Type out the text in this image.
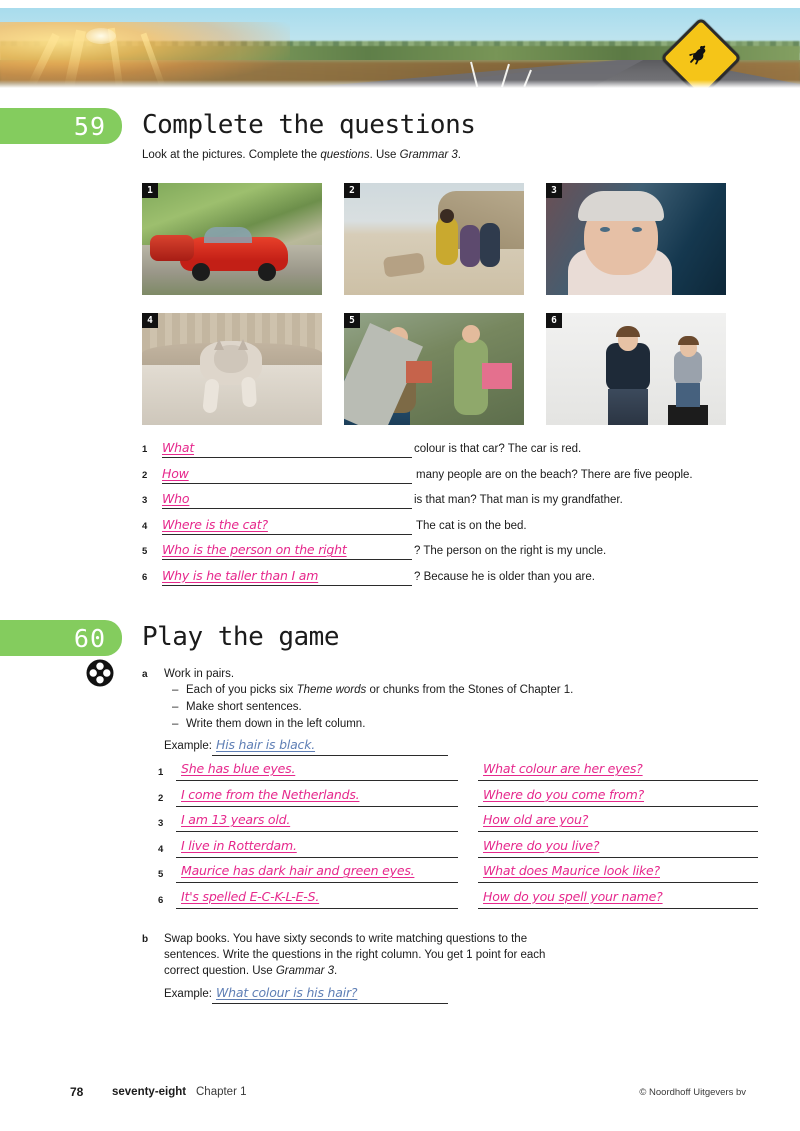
59 Complete the questions
Look at the pictures. Complete the questions. Use Grammar 3.
1	2	3
4	5	6
1	What	colour is that car? The car is red.
2	How	many people are on the beach? There are five people.
3	Who	is that man? That man is my grandfather.
4	Where is the cat?	The cat is on the bed.
5	Who is the person on the right	? The person on the right is my uncle.
6	Why is he taller than I am	? Because he is older than you are.
60 Play the game
a Work in pairs.
– Each of you picks six Theme words or chunks from the Stones of Chapter 1.
– Make short sentences.
– Write them down in the left column.
Example: His hair is black.
1	She has blue eyes.	What colour are her eyes?
2	I come from the Netherlands.	Where do you come from?
3	I am 13 years old.	How old are you?
4	I live in Rotterdam.	Where do you live?
5	Maurice has dark hair and green eyes.	What does Maurice look like?
6	It's spelled E-C-K-L-E-S.	How do you spell your name?
b Swap books. You have sixty seconds to write matching questions to the
sentences. Write the questions in the right column. You get 1 point for each
correct question. Use Grammar 3.
Example: What colour is his hair?
78 seventy-eight Chapter 1	© Noordhoff Uitgevers bv
